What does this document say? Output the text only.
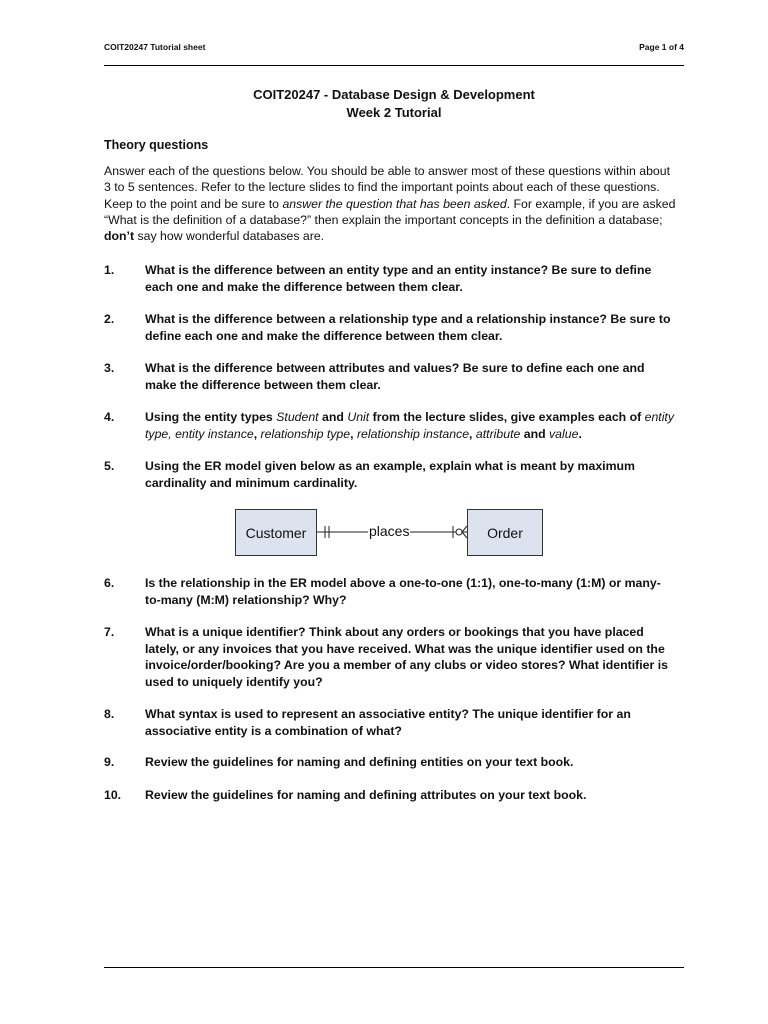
COIT20247 Tutorial sheet	Page 1 of 4
COIT20247 - Database Design & Development
Week 2 Tutorial
Theory questions
Answer each of the questions below. You should be able to answer most of these questions within about 3 to 5 sentences. Refer to the lecture slides to find the important points about each of these questions. Keep to the point and be sure to answer the question that has been asked. For example, if you are asked “What is the definition of a database?” then explain the important concepts in the definition a database; don’t say how wonderful databases are.
1.	What is the difference between an entity type and an entity instance? Be sure to define each one and make the difference between them clear.
2.	What is the difference between a relationship type and a relationship instance? Be sure to define each one and make the difference between them clear.
3.	What is the difference between attributes and values? Be sure to define each one and make the difference between them clear.
4.	Using the entity types Student and Unit from the lecture slides, give examples each of entity type, entity instance, relationship type, relationship instance, attribute and value.
5.	Using the ER model given below as an example, explain what is meant by maximum cardinality and minimum cardinality.
Customer	places	Order
6.	Is the relationship in the ER model above a one-to-one (1:1), one-to-many (1:M) or many-to-many (M:M) relationship? Why?
7.	What is a unique identifier? Think about any orders or bookings that you have placed lately, or any invoices that you have received. What was the unique identifier used on the invoice/order/booking? Are you a member of any clubs or video stores? What identifier is used to uniquely identify you?
8.	What syntax is used to represent an associative entity? The unique identifier for an associative entity is a combination of what?
9.	Review the guidelines for naming and defining entities on your text book.
10.	Review the guidelines for naming and defining attributes on your text book.
